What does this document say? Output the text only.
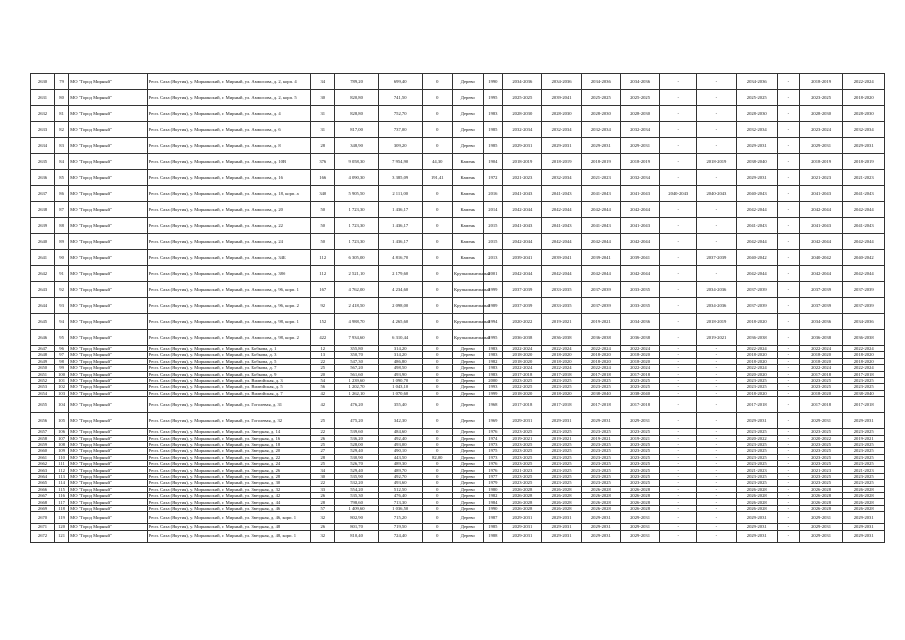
2630	79	МО "Город Мирный"	Респ. Саха (Якутия), у. Мирнинский, г. Мирный, ул. Аммосова, д. 2, корп. 4	34	789,20	699,40	0	Дерево	1990	2034-2036	2034-2036	2034-2036	2034-2036	-	-	2034-2036	-	2018-2019	2022-2024
2631	80	МО "Город Мирный"	Респ. Саха (Якутия), у. Мирнинский, г. Мирный, ул. Аммосова, д. 2, корп. 5	30	820,80	741,50	0	Дерево	1995	2025-2025	2039-2041	2025-2025	2025-2025	-	-	2025-2025	-	2023-2025	2018-2020
2632	81	МО "Город Мирный"	Респ. Саха (Якутия), у. Мирнинский, г. Мирный, ул. Аммосова, д. 4	31	828,80	752,70	0	Дерево	1983	2028-2030	2028-2030	2028-2030	2028-2030	-	-	2028-2030	-	2028-2030	2028-2030
2633	82	МО "Город Мирный"	Респ. Саха (Якутия), у. Мирнинский, г. Мирный, ул. Аммосова, д. 6	31	817,00	737,00	0	Дерево	1985	2032-2034	2032-2034	2032-2034	2032-2034	-	-	2032-2034	-	2023-2024	2032-2034
2634	83	МО "Город Мирный"	Респ. Саха (Якутия), у. Мирнинский, г. Мирный, ул. Аммосова, д. 8	28	348,90	309,20	0	Дерево	1985	2029-2031	2029-2031	2029-2031	2029-2031	-	-	2029-2031	-	2029-2031	2029-2031
2635	84	МО "Город Мирный"	Респ. Саха (Якутия), у. Мирнинский, г. Мирный, ул. Аммосова, д. 10В	376	9 058,30	7 954,90	44,30	Камень	1904	2018-2019	2018-2019	2018-2019	2018-2019	-	2018-2019	2038-2040	-	2018-2019	2018-2019
2636	85	МО "Город Мирный"	Респ. Саха (Якутия), у. Мирнинский, г. Мирный, ул. Аммосова, д. 16	166	4 090,30	3 385,09	191,41	Камень	1972	2021-2023	2032-2034	2021-2023	2032-2034	-	-	2029-2031	-	2021-2023	2021-2023
2637	86	МО "Город Мирный"	Респ. Саха (Якутия), у. Мирнинский, г. Мирный, ул. Аммосова, д. 18, корп. а	340	5 905,50	2 111,00	0	Камень	2016	2041-2043	2041-2043	2041-2043	2041-2043	2040-2043	2040-2043	2040-2043	-	2041-2043	2041-2043
2638	87	МО "Город Мирный"	Респ. Саха (Якутия), у. Мирнинский, г. Мирный, ул. Аммосова, д. 20	50	1 723,30	1 436,17	0	Камень	2014	2042-2044	2042-2044	2042-2044	2042-2044	-	-	2042-2044	-	2042-2044	2042-2044
2639	88	МО "Город Мирный"	Респ. Саха (Якутия), у. Мирнинский, г. Мирный, ул. Аммосова, д. 22	50	1 723,30	1 436,17	0	Камень	2015	2041-2043	2041-2043	2041-2043	2041-2043	-	-	2041-2043	-	2041-2043	2041-2043
2640	89	МО "Город Мирный"	Респ. Саха (Якутия), у. Мирнинский, г. Мирный, ул. Аммосова, д. 24	50	1 723,30	1 436,17	0	Камень	2015	2042-2044	2042-2044	2042-2044	2042-2044	-	-	2042-2044	-	2042-2044	2042-2044
2641	90	МО "Город Мирный"	Респ. Саха (Якутия), у. Мирнинский, г. Мирный, ул. Аммосова, д. 34Б	112	6 305,00	4 816,70	0	Камень	2013	2039-2041	2039-2041	2039-2041	2039-2041	-	2037-2039	2040-2042	-	2040-2042	2040-2042
2642	91	МО "Город Мирный"	Респ. Саха (Якутия), у. Мирнинский, г. Мирный, ул. Аммосова, д. 38б	112	2 521,10	2 179,60	0	Крупнопанельный	2001	2042-2044	2042-2044	2042-2044	2042-2044	-	-	2042-2044	-	2042-2044	2042-2044
2643	92	МО "Город Мирный"	Респ. Саха (Якутия), у. Мирнинский, г. Мирный, ул. Аммосова, д. 96, корп. 1	167	4 762,00	4 234,60	0	Крупнопанельный	1999	2037-2039	2033-2035	2037-2039	2033-2035	-	2034-2036	2037-2039	-	2037-2039	2037-2039
2644	93	МО "Город Мирный"	Респ. Саха (Якутия), у. Мирнинский, г. Мирный, ул. Аммосова, д. 96, корп. 2	92	2 418,50	2 098,00	0	Крупнопанельный	1989	2037-2039	2033-2035	2037-2039	2033-2035	-	2034-2036	2037-2039	-	2037-2039	2037-2039
2645	94	МО "Город Мирный"	Респ. Саха (Якутия), у. Мирнинский, г. Мирный, ул. Аммосова, д. 98, корп. 1	152	4 988,70	4 265,60	0	Крупнопанельный	1994	2020-2022	2019-2021	2019-2021	2034-2036	-	2018-2019	2018-2020	-	2034-2036	2034-2036
2646	95	МО "Город Мирный"	Респ. Саха (Якутия), у. Мирнинский, г. Мирный, ул. Аммосова, д. 98, корп. 2	422	7 934,60	6 310,44	0	Крупнопанельный	1995	2036-2038	2036-2038	2036-2038	2036-2038	-	2019-2021	2036-2038	-	2036-2038	2036-2038
2647	96	МО "Город Мирный"	Респ. Саха (Якутия), у. Мирнинский, г. Мирный, ул. Бобкова, д. 1	12	355,80	314,20	0	Дерево	1983	2022-2024	2022-2024	2022-2024	2022-2024	-	-	2022-2024	-	2022-2024	2022-2024
2648	97	МО "Город Мирный"	Респ. Саха (Якутия), у. Мирнинский, г. Мирный, ул. Бобкова, д. 3	13	350,70	314,20	0	Дерево	1983	2018-2020	2018-2020	2018-2020	2018-2020	-	-	2018-2020	-	2018-2020	2018-2020
2649	98	МО "Город Мирный"	Респ. Саха (Якутия), у. Мирнинский, г. Мирный, ул. Бобкова, д. 5	22	547,30	486,80	0	Дерево	1982	2018-2020	2018-2020	2018-2020	2018-2020	-	-	2018-2020	-	2018-2020	2018-2020
2650	99	МО "Город Мирный"	Респ. Саха (Якутия), у. Мирнинский, г. Мирный, ул. Бобкова, д. 7	25	567,20	498,50	0	Дерево	1983	2022-2024	2022-2024	2022-2024	2022-2024	-	-	2022-2024	-	2022-2024	2022-2024
2651	100	МО "Город Мирный"	Респ. Саха (Якутия), у. Мирнинский, г. Мирный, ул. Бобкова, д. 9	20	561,60	493,90	0	Дерево	1983	2017-2018	2017-2018	2017-2018	2017-2018	-	-	2020-2020	-	2017-2018	2017-2018
2652	101	МО "Город Мирный"	Респ. Саха (Якутия), у. Мирнинский, г. Мирный, ул. Вилюйская, д. 3	54	1 239,60	1 090,70	0	Дерево	2000	2023-2025	2023-2025	2023-2025	2023-2025	-	-	2023-2025	-	2023-2025	2023-2025
2653	102	МО "Город Мирный"	Респ. Саха (Якутия), у. Мирнинский, г. Мирный, ул. Вилюйская, д. 5	56	1 202,70	1 043,10	0	Дерево	1993	2022-2025	2023-2025	2023-2025	2023-2025	-	-	2023-2025	-	2023-2025	2023-2025
2654	103	МО "Город Мирный"	Респ. Саха (Якутия), у. Мирнинский, г. Мирный, ул. Вилюйская, д. 7	42	1 262,10	1 070,60	0	Дерево	1999	2018-2020	2018-2020	2038-2040	2038-2040	-	-	2018-2020	-	2018-2020	2038-2040
2655	104	МО "Город Мирный"	Респ. Саха (Якутия), у. Мирнинский, г. Мирный, ул. Гоголевая, д. 31	42	476,20	355,40	0	Дерево	1968	2017-2018	2017-2018	2017-2018	2017-2018	-	-	2017-2018	-	2017-2018	2017-2018
2656	105	МО "Город Мирный"	Респ. Саха (Якутия), у. Мирнинский, г. Мирный, ул. Гоголевая, д. 32	25	475,20	342,30	0	Дерево	1969	2029-2031	2029-2031	2029-2031	2029-2031	-	-	2029-2031	-	2029-2031	2029-2031
2657	106	МО "Город Мирный"	Респ. Саха (Якутия), у. Мирнинский, г. Мирный, ул. Звездная, д. 14	22	539,60	484,60	0	Дерево	1976	2023-2025	2023-2025	2023-2025	2023-2025	-	-	2023-2025	-	2023-2025	2023-2025
2658	107	МО "Город Мирный"	Респ. Саха (Якутия), у. Мирнинский, г. Мирный, ул. Звездная, д. 16	26	536,20	492,40	0	Дерево	1974	2019-2021	2019-2021	2019-2021	2019-2021	-	-	2020-2022	-	2020-2022	2019-2021
2659	108	МО "Город Мирный"	Респ. Саха (Якутия), у. Мирнинский, г. Мирный, ул. Звездная, д. 18	25	528,00	493,00	0	Дерево	1973	2023-2025	2023-2025	2023-2025	2023-2025	-	-	2023-2025	-	2023-2025	2023-2025
2660	109	МО "Город Мирный"	Респ. Саха (Якутия), у. Мирнинский, г. Мирный, ул. Звездная, д. 20	27	529,40	490,10	0	Дерево	1975	2023-2025	2023-2025	2023-2025	2023-2025	-	-	2023-2025	-	2023-2025	2023-2025
2661	110	МО "Город Мирный"	Респ. Саха (Якутия), у. Мирнинский, г. Мирный, ул. Звездная, д. 22	28	530,90	443,50	82,00	Дерево	1973	2023-2025	2023-2025	2023-2025	2023-2025	-	-	2023-2025	-	2023-2025	2023-2025
2662	111	МО "Город Мирный"	Респ. Саха (Якутия), у. Мирнинский, г. Мирный, ул. Звездная, д. 24	25	526,70	489,30	0	Дерево	1976	2023-2025	2023-2025	2023-2025	2023-2025	-	-	2023-2025	-	2023-2025	2023-2025
2663	112	МО "Город Мирный"	Респ. Саха (Якутия), у. Мирнинский, г. Мирный, ул. Звездная, д. 26	34	529,40	489,70	0	Дерево	1976	2021-2023	2023-2025	2023-2025	2023-2025	-	-	2021-2023	-	2021-2023	2021-2023
2664	113	МО "Город Мирный"	Респ. Саха (Якутия), у. Мирнинский, г. Мирный, ул. Звездная, д. 28	30	535,90	492,70	0	Дерево	1977	2023-2025	2023-2025	2023-2025	2023-2025	-	-	2023-2025	-	2023-2025	2023-2025
2665	114	МО "Город Мирный"	Респ. Саха (Якутия), у. Мирнинский, г. Мирный, ул. Звездная, д. 30	22	532,20	493,60	0	Дерево	1979	2023-2025	2023-2025	2023-2025	2023-2025	-	-	2023-2025	-	2023-2025	2023-2025
2666	115	МО "Город Мирный"	Респ. Саха (Якутия), у. Мирнинский, г. Мирный, ул. Звездная, д. 32	33	554,20	512,50	0	Дерево	1980	2026-2028	2026-2028	2026-2028	2026-2028	-	-	2026-2028	-	2026-2028	2026-2028
2667	116	МО "Город Мирный"	Респ. Саха (Якутия), у. Мирнинский, г. Мирный, ул. Звездная, д. 42	26	535,30	476,40	0	Дерево	1982	2026-2028	2026-2028	2026-2028	2026-2028	-	-	2026-2028	-	2026-2028	2026-2028
2668	117	МО "Город Мирный"	Респ. Саха (Якутия), у. Мирнинский, г. Мирный, ул. Звездная, д. 44	28	798,60	713,30	0	Дерево	1984	2026-2028	2026-2028	2026-2028	2026-2028	-	-	2026-2028	-	2026-2028	2026-2028
2669	118	МО "Город Мирный"	Респ. Саха (Якутия), у. Мирнинский, г. Мирный, ул. Звездная, д. 46	57	1 409,60	1 036,50	0	Дерево	1990	2026-2028	2026-2028	2026-2028	2026-2028	-	-	2026-2028	-	2026-2028	2026-2028
2670	119	МО "Город Мирный"	Респ. Саха (Якутия), у. Мирнинский, г. Мирный, ул. Звездная, д. 46, корп. 1	32	802,90	715,20	0	Дерево	1987	2029-2031	2029-2031	2029-2031	2029-2031	-	-	2029-2031	-	2029-2031	2029-2031
2671	120	МО "Город Мирный"	Респ. Саха (Якутия), у. Мирнинский, г. Мирный, ул. Звездная, д. 48	26	801,70	719,50	0	Дерево	1985	2029-2031	2029-2031	2029-2031	2029-2031	-	-	2029-2031	-	2029-2031	2029-2031
2672	121	МО "Город Мирный"	Респ. Саха (Якутия), у. Мирнинский, г. Мирный, ул. Звездная, д. 48, корп. 1	32	810,40	724,40	0	Дерево	1988	2029-2031	2029-2031	2029-2031	2029-2031	-	-	2029-2031	-	2029-2031	2029-2031
